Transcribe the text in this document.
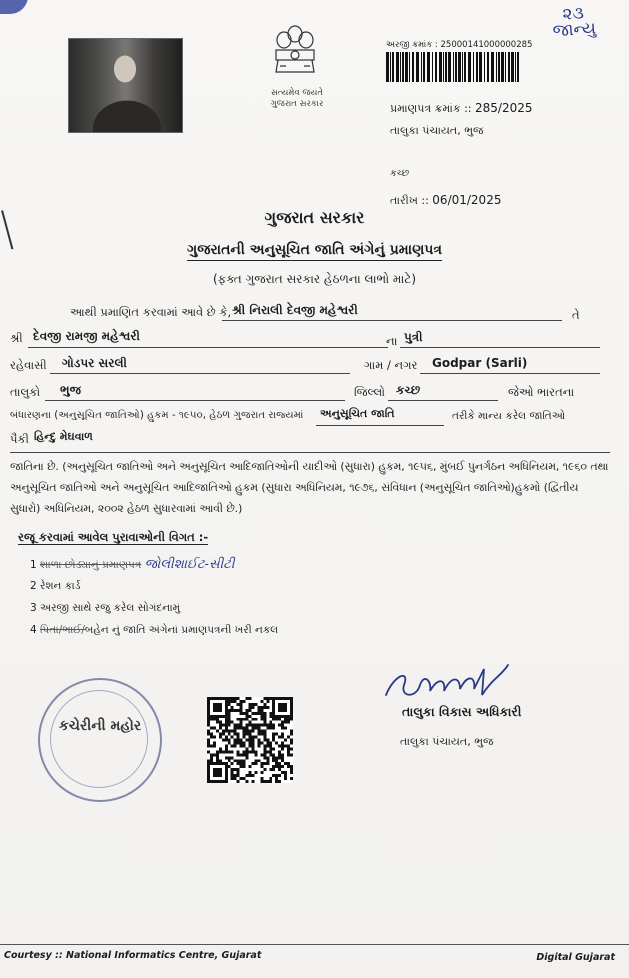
સત્યમેવ જયતે
ગુજરાત સરકાર
અરજી ક્રમાંક : 25000141000000285
૨૩
જાન્યુ
પ્રમાણપત્ર ક્રમાંક :: 285/2025
તાલુકા પંચાયત, ભુજ
કચ્છ
તારીખ :: 06/01/2025
ગુજરાત સરકાર
ગુજરાતની અનુસૂચિત જાતિ અંગેનું પ્રમાણપત્ર
(ફક્ત ગુજરાત સરકાર હેઠળના લાભો માટે)
આથી પ્રમાણિત કરવામાં આવે છે કે, શ્રી નિરાલી દેવજી મહેશ્વરી	તે
શ્રી દેવજી રામજી મહેશ્વરી	ના પુત્રી
રહેવાસી ગોડપર સરલી	ગામ / નગર Godpar (Sarli)
તાલુકો ભુજ	જિલ્લો કચ્છ	જેઓ ભારતના
બંધારણના (અનુસૂચિત જાતિઓ) હુકમ - ૧૯૫૦, હેઠળ ગુજરાત રાજ્યમાં અનુસૂચિત જાતિ	તરીકે માન્ય કરેલ જાતિઓ
પૈકી હિન્દુ મેઘવાળ
જાતિના છે. (અનુસૂચિત જાતિઓ અને અનુસૂચિત આદિજાતિઓની યાદીઓ (સુધારા) હુકમ, ૧૯૫૬, મુંબઈ પુનર્ગઠન અધિનિયમ, ૧૯૬૦ તથા અનુસૂચિત જાતિઓ અને અનુસૂચિત આદિજાતિઓ હુકમ (સુધારા અધિનિયમ, ૧૯૭૬, સંવિધાન (અનુસૂચિત જાતિઓ)હુકમો (દ્વિતીય સુધારો) અધિનિયમ, ૨૦૦૨ હેઠળ સુધારવામાં આવી છે.)
રજૂ કરવામાં આવેલ પુરાવાઓની વિગત :-
1 શાળા છોડ્યાનું પ્રમાણપત્ર જોલીશાઈટ-સીટી
2 રેશન કાર્ડ
3 અરજી સાથે રજુ કરેલ સોગંદનામું
4 પિતા/ભાઈ/બહેન નું જાતિ અંગેનાં પ્રમાણપત્રની ખરી નકલ
કચેરીની મહોર
તાલુકા વિકાસ અધિકારી
તાલુકા પંચાયત, ભુજ
Courtesy :: National Informatics Centre, Gujarat	Digital Gujarat
